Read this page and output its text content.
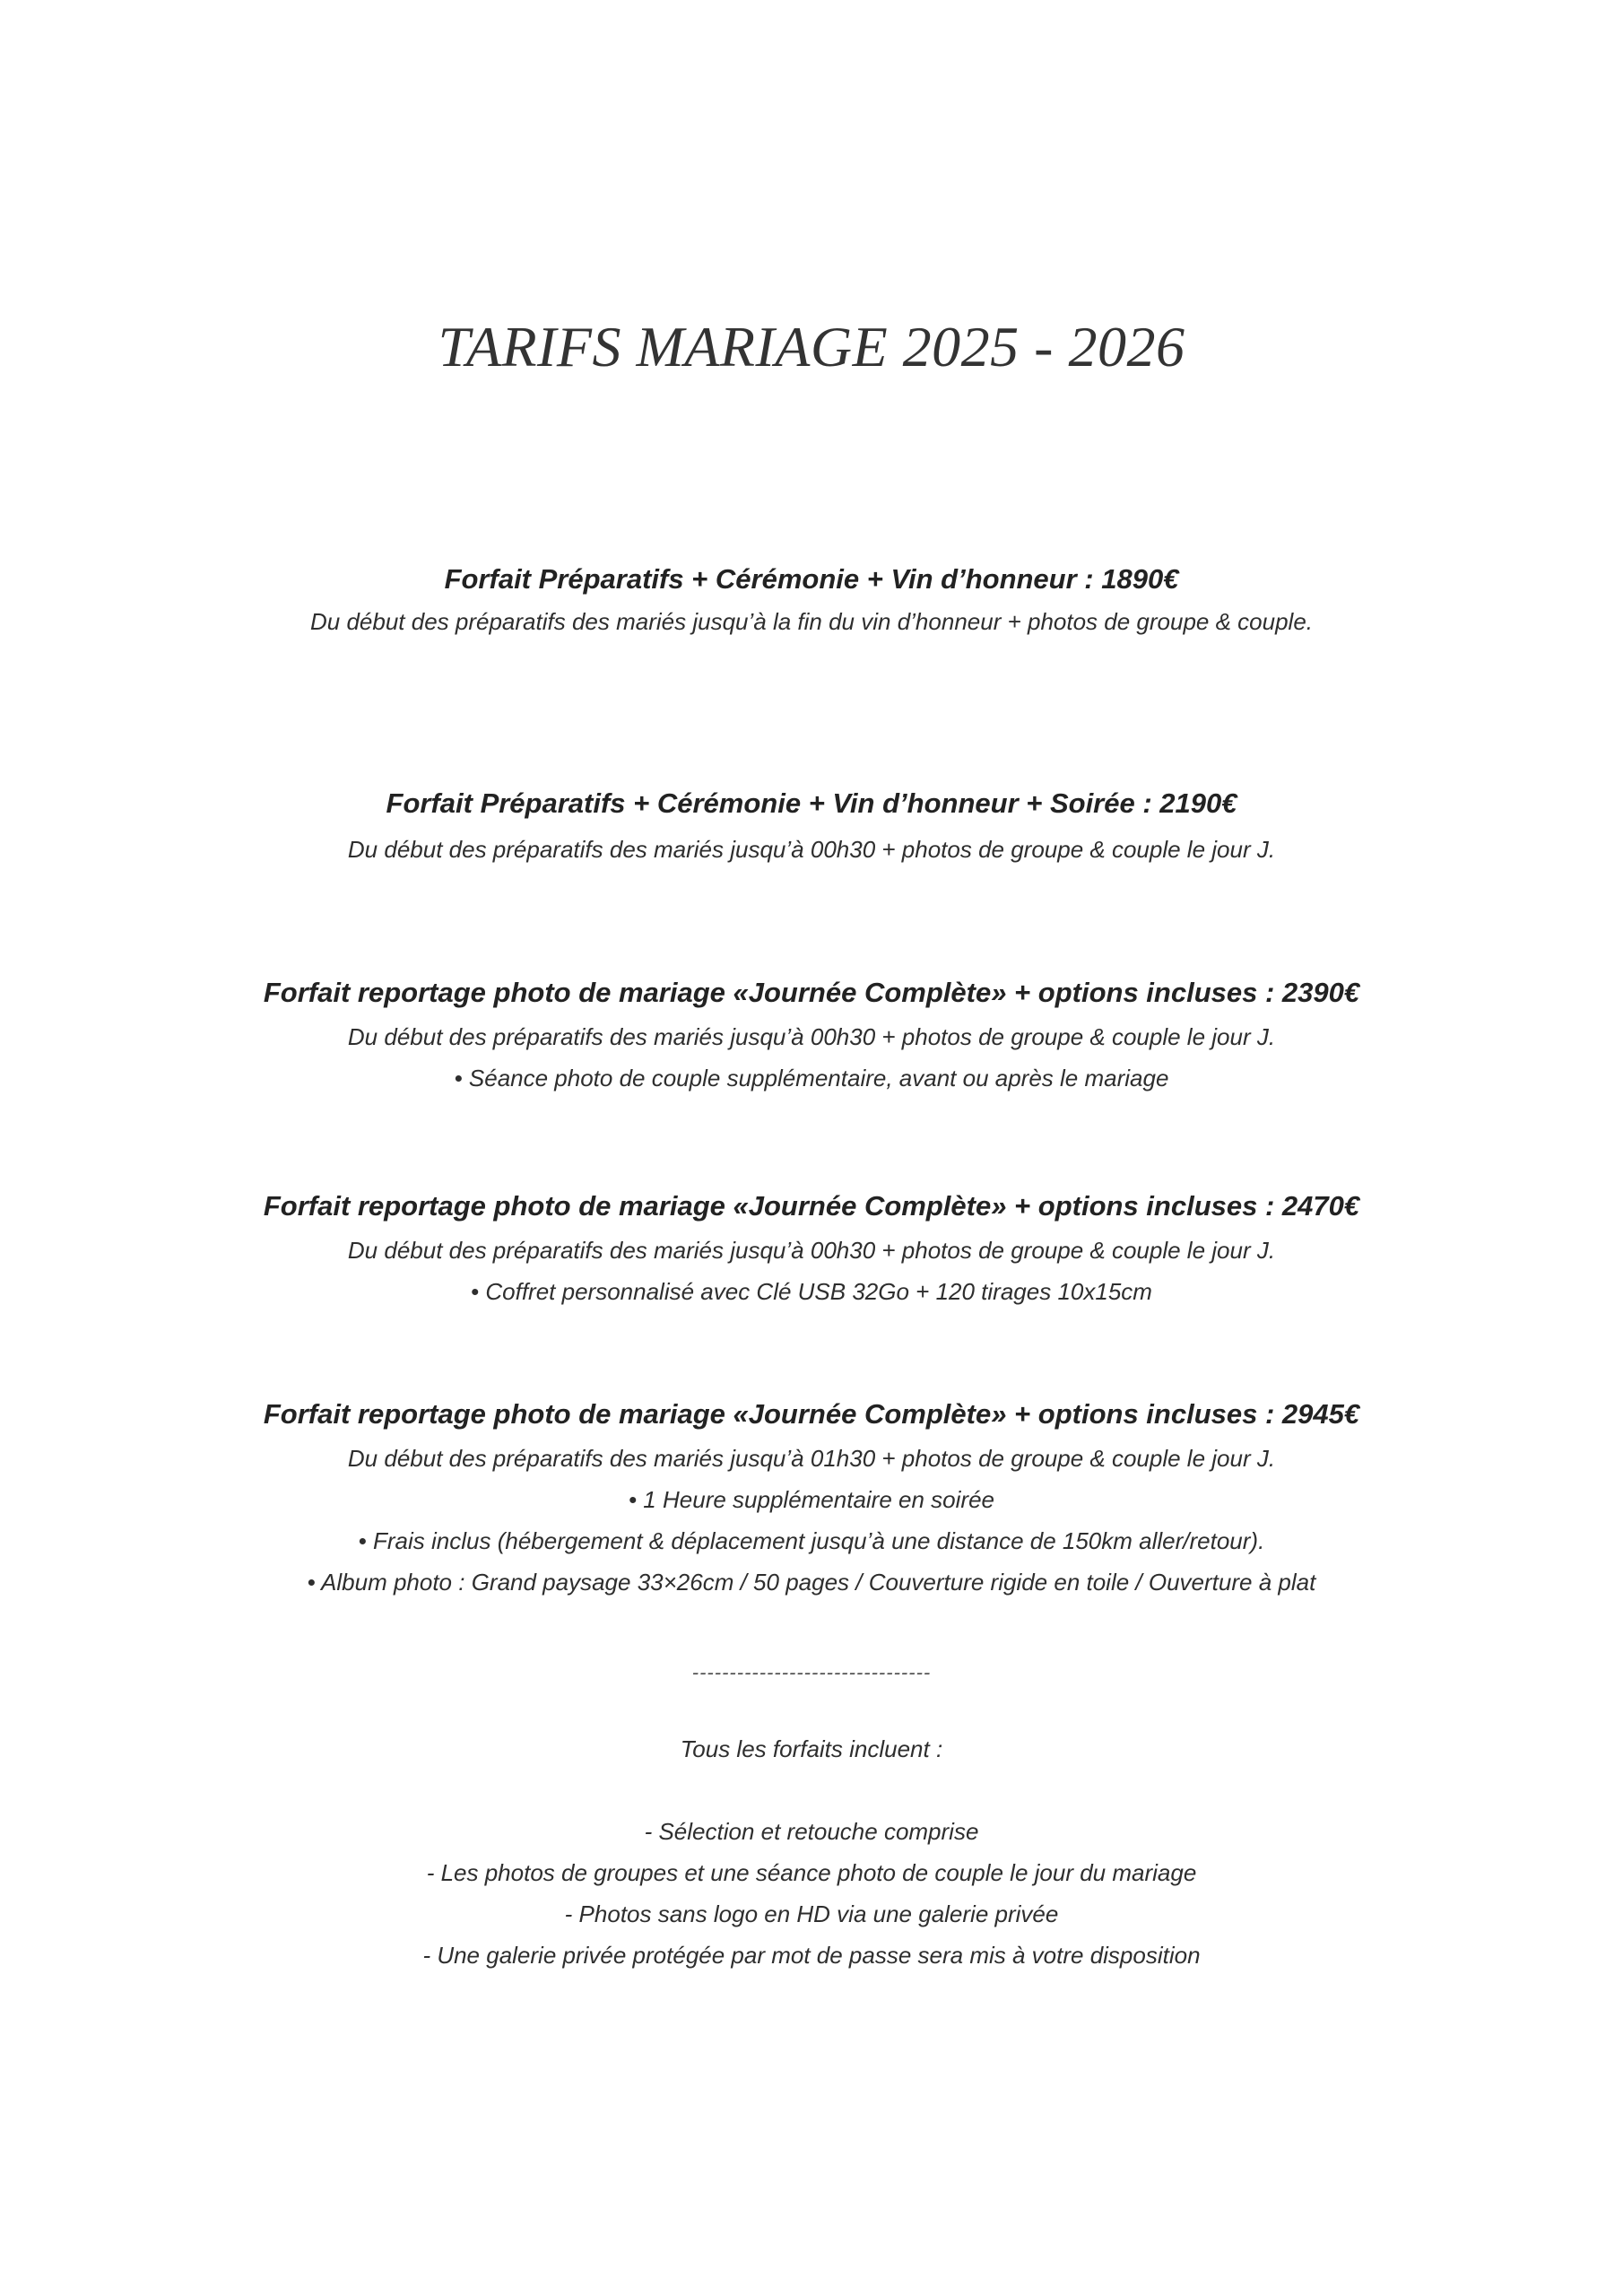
TARIFS MARIAGE 2025 - 2026
Forfait Préparatifs + Cérémonie + Vin d’honneur : 1890€
Du début des préparatifs des mariés jusqu’à la fin du vin d’honneur + photos de groupe & couple.
Forfait Préparatifs + Cérémonie + Vin d’honneur + Soirée : 2190€
Du début des préparatifs des mariés jusqu’à 00h30 + photos de groupe & couple le jour J.
Forfait reportage photo de mariage «Journée Complète» + options incluses : 2390€
Du début des préparatifs des mariés jusqu’à 00h30 + photos de groupe & couple le jour J.
• Séance photo de couple supplémentaire, avant ou après le mariage
Forfait reportage photo de mariage «Journée Complète» + options incluses : 2470€
Du début des préparatifs des mariés jusqu’à 00h30 + photos de groupe & couple le jour J.
• Coffret personnalisé avec Clé USB 32Go + 120 tirages 10x15cm
Forfait reportage photo de mariage «Journée Complète» + options incluses : 2945€
Du début des préparatifs des mariés jusqu’à 01h30 + photos de groupe & couple le jour J.
• 1 Heure supplémentaire en soirée
• Frais inclus (hébergement & déplacement jusqu’à une distance de 150km aller/retour).
• Album photo : Grand paysage 33×26cm / 50 pages / Couverture rigide en toile / Ouverture à plat
--------------------------------
Tous les forfaits incluent :
- Sélection et retouche comprise
- Les photos de groupes et une séance photo de couple le jour du mariage
- Photos sans logo en HD via une galerie privée
- Une galerie privée protégée par mot de passe sera mis à votre disposition
